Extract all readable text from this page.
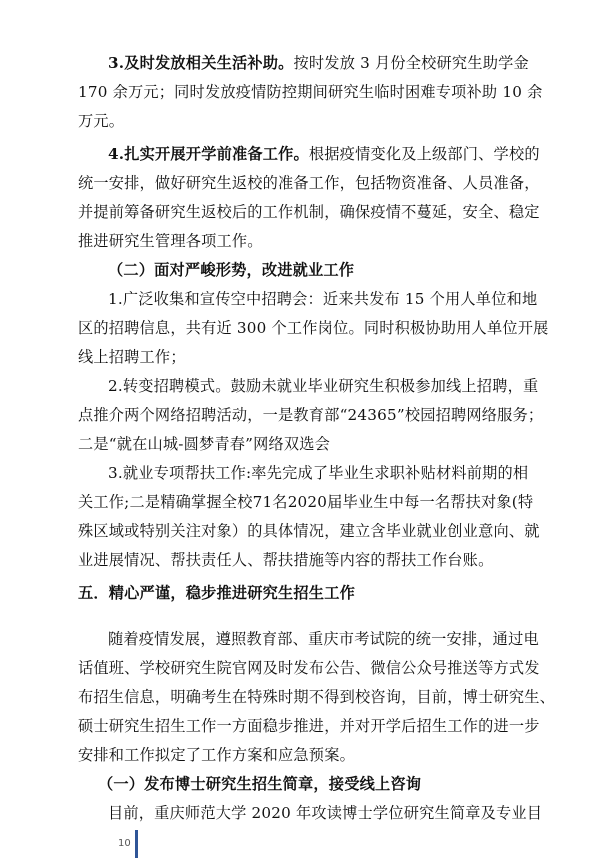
3.及时发放相关生活补助。按时发放 3 月份全校研究生助学金
170 余万元；同时发放疫情防控期间研究生临时困难专项补助 10 余
万元。
4.扎实开展开学前准备工作。根据疫情变化及上级部门、学校的
统一安排，做好研究生返校的准备工作，包括物资准备、人员准备，
并提前筹备研究生返校后的工作机制，确保疫情不蔓延，安全、稳定
推进研究生管理各项工作。
（二）面对严峻形势，改进就业工作
1.广泛收集和宣传空中招聘会：近来共发布 15 个用人单位和地
区的招聘信息，共有近 300 个工作岗位。同时积极协助用人单位开展
线上招聘工作；
2.转变招聘模式。鼓励未就业毕业研究生积极参加线上招聘，重
点推介两个网络招聘活动，一是教育部“24365”校园招聘网络服务；
二是“就在山城-圆梦青春”网络双选会
3.就业专项帮扶工作:率先完成了毕业生求职补贴材料前期的相
关工作;二是精确掌握全校71名2020届毕业生中每一名帮扶对象(特
殊区域或特别关注对象）的具体情况，建立含毕业就业创业意向、就
业进展情况、帮扶责任人、帮扶措施等内容的帮扶工作台账。
五．精心严谨，稳步推进研究生招生工作
随着疫情发展，遵照教育部、重庆市考试院的统一安排，通过电
话值班、学校研究生院官网及时发布公告、微信公众号推送等方式发
布招生信息，明确考生在特殊时期不得到校咨询，目前，博士研究生、
硕士研究生招生工作一方面稳步推进，并对开学后招生工作的进一步
安排和工作拟定了工作方案和应急预案。
（一）发布博士研究生招生简章，接受线上咨询
目前，重庆师范大学 2020 年攻读博士学位研究生简章及专业目
10
